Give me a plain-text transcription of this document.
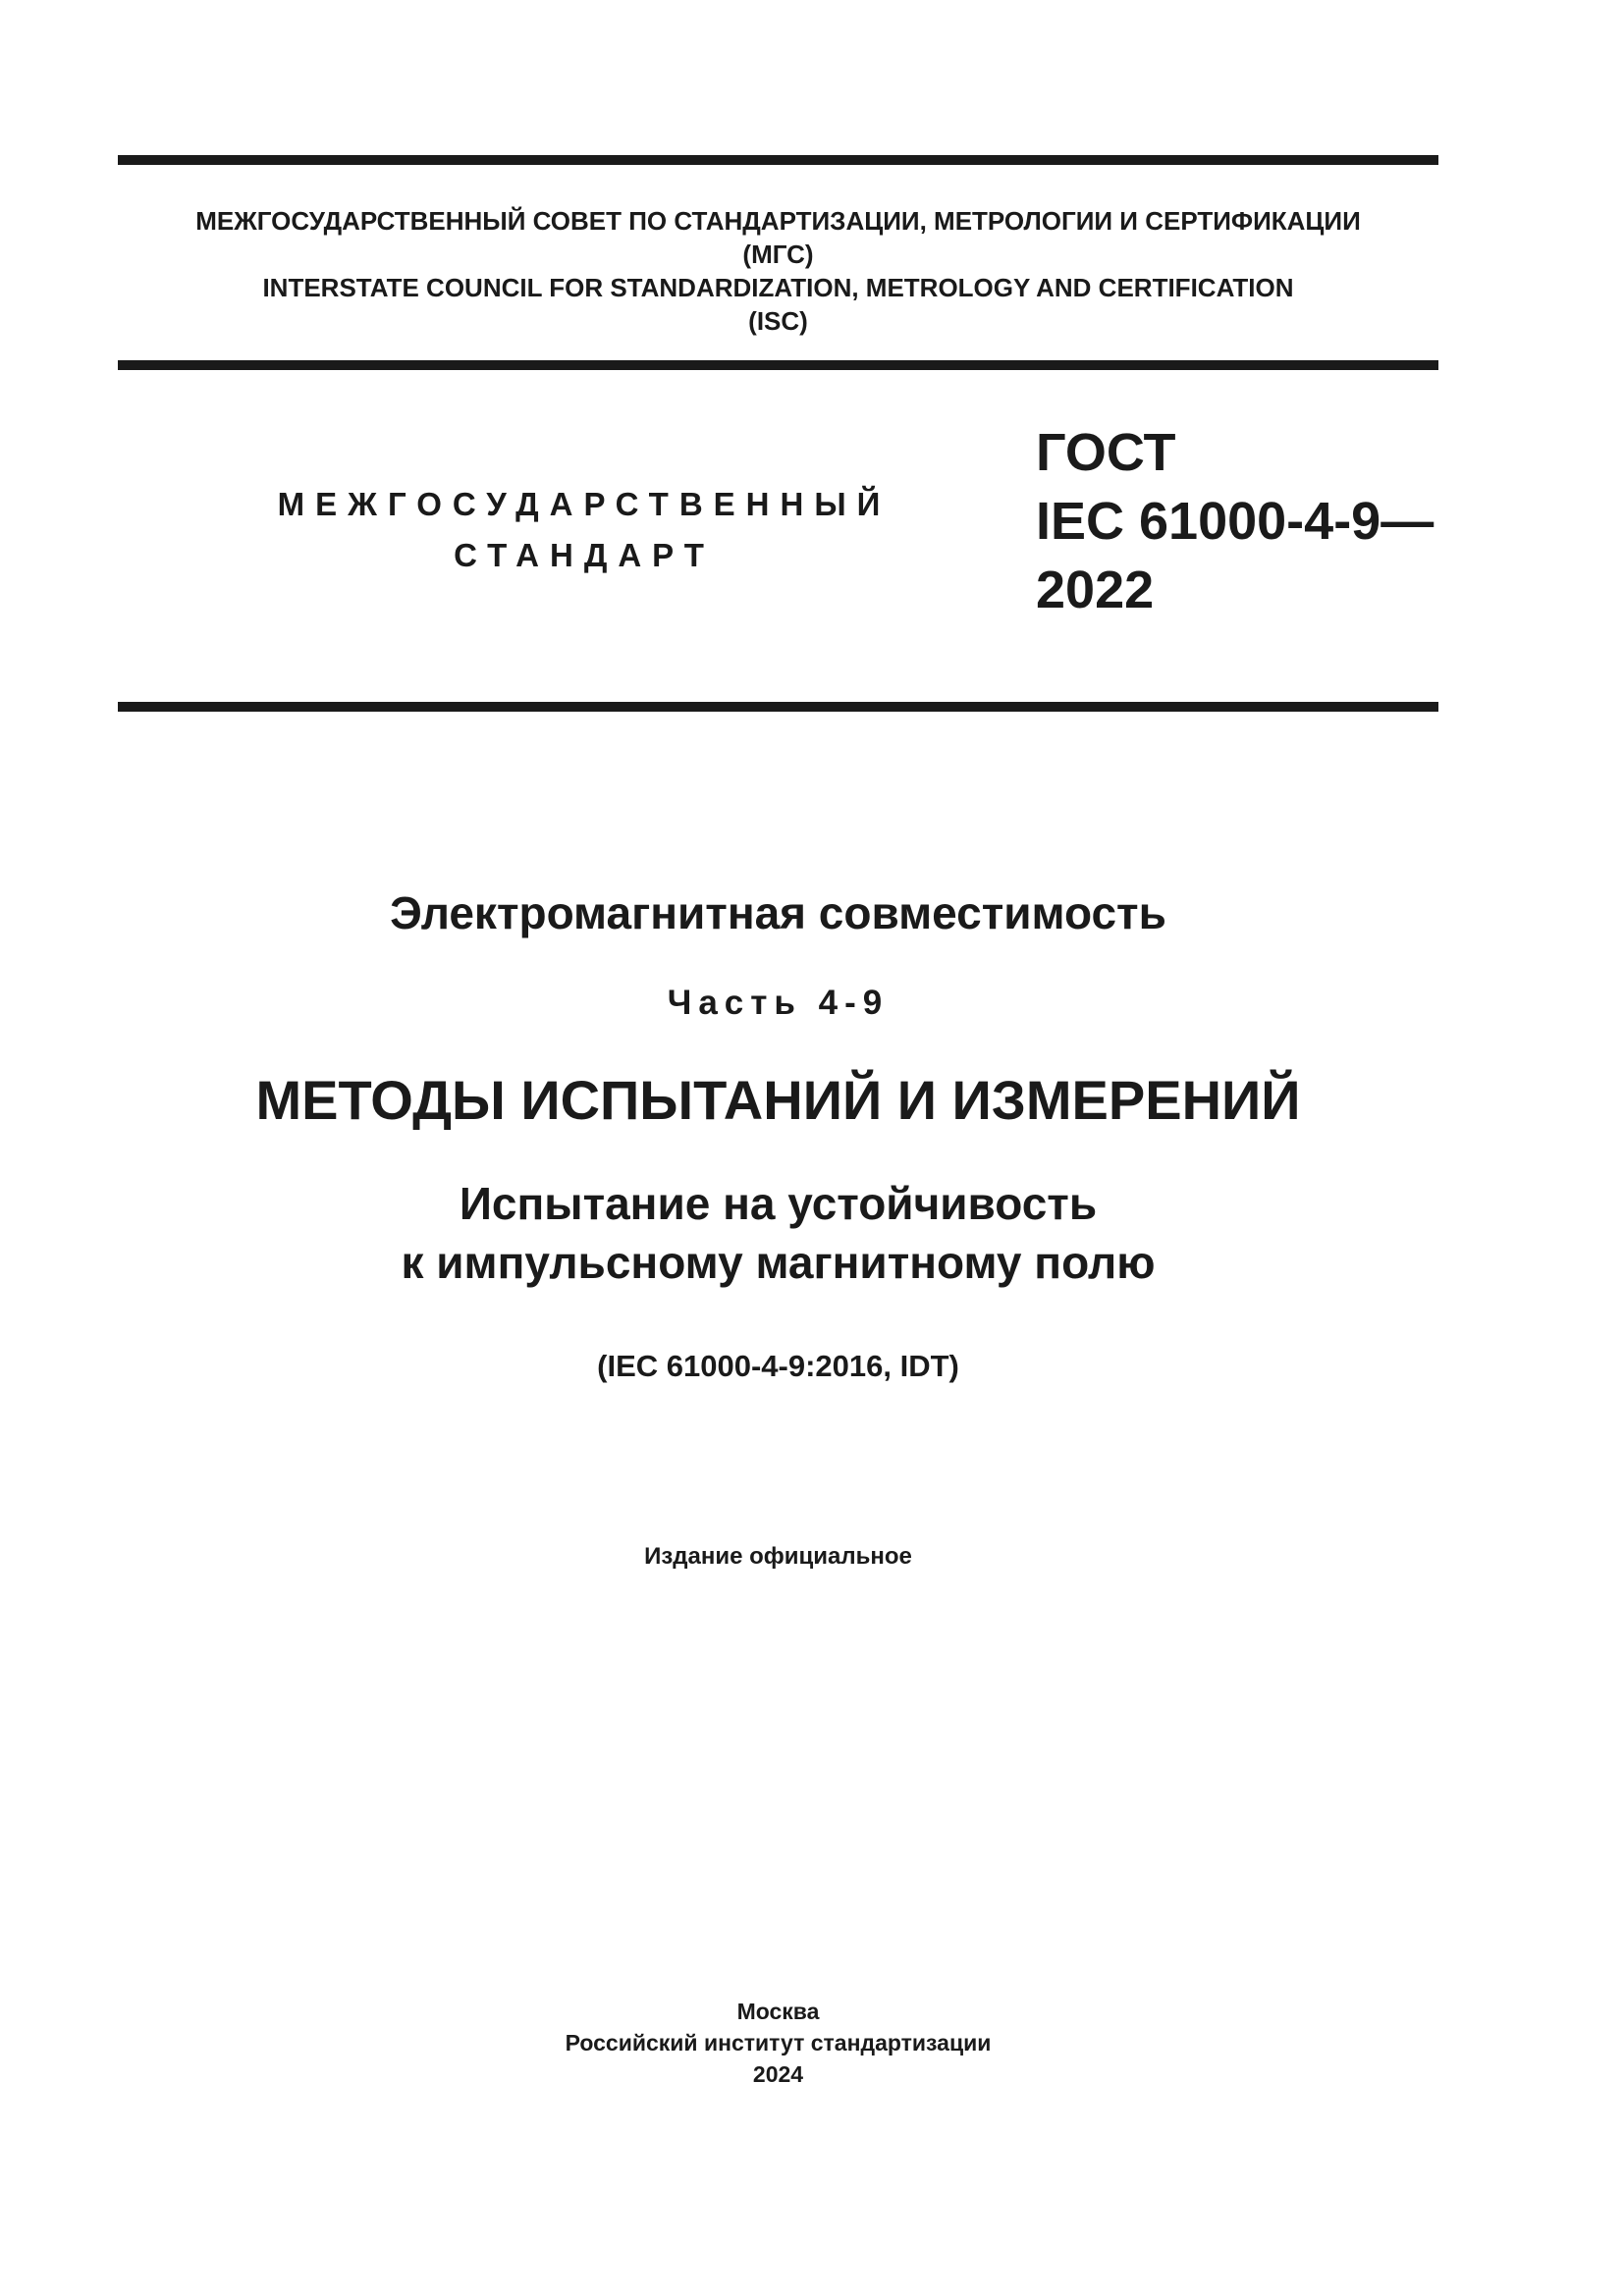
МЕЖГОСУДАРСТВЕННЫЙ СОВЕТ ПО СТАНДАРТИЗАЦИИ, МЕТРОЛОГИИ И СЕРТИФИКАЦИИ
(МГС)
INTERSTATE COUNCIL FOR STANDARDIZATION, METROLOGY AND CERTIFICATION
(ISC)
МЕЖГОСУДАРСТВЕННЫЙ
СТАНДАРТ
ГОСТ
IEC 61000-4-9—
2022
Электромагнитная совместимость
Часть 4-9
МЕТОДЫ ИСПЫТАНИЙ И ИЗМЕРЕНИЙ
Испытание на устойчивость
к импульсному магнитному полю
(IEC 61000-4-9:2016, IDT)
Издание официальное
Москва
Российский институт стандартизации
2024
